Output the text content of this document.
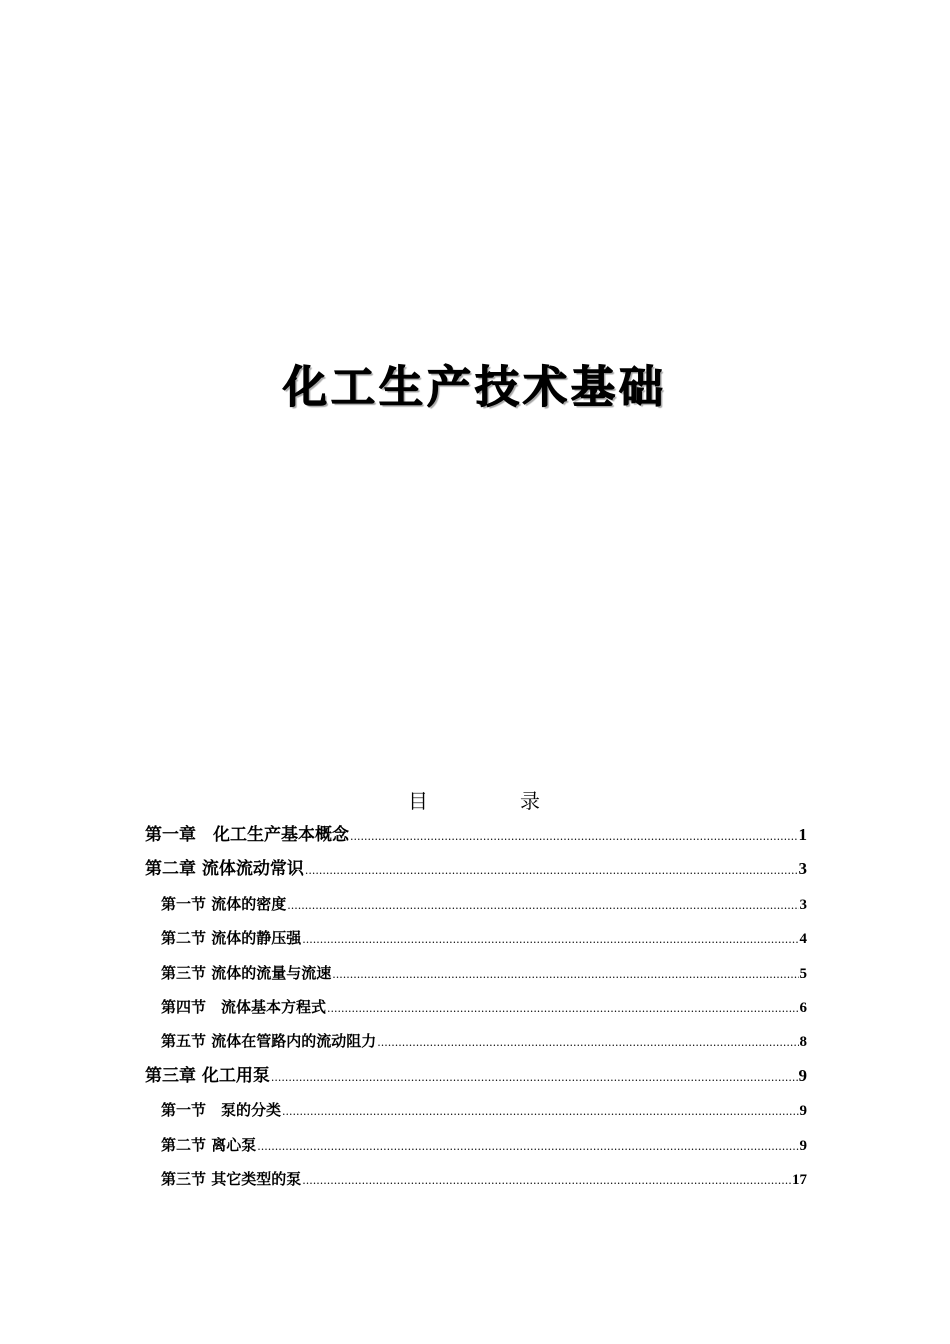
化工生产技术基础
目	录
第一章　化工生产基本概念 .....	1
第二章 流体流动常识 .....	3
第一节 流体的密度 .....	3
第二节 流体的静压强 .....	4
第三节 流体的流量与流速 .....	5
第四节　流体基本方程式 .....	6
第五节 流体在管路内的流动阻力 .....	8
第三章 化工用泵 .....	9
第一节　泵的分类 .....	9
第二节 离心泵 .....	9
第三节 其它类型的泵 .....	17
